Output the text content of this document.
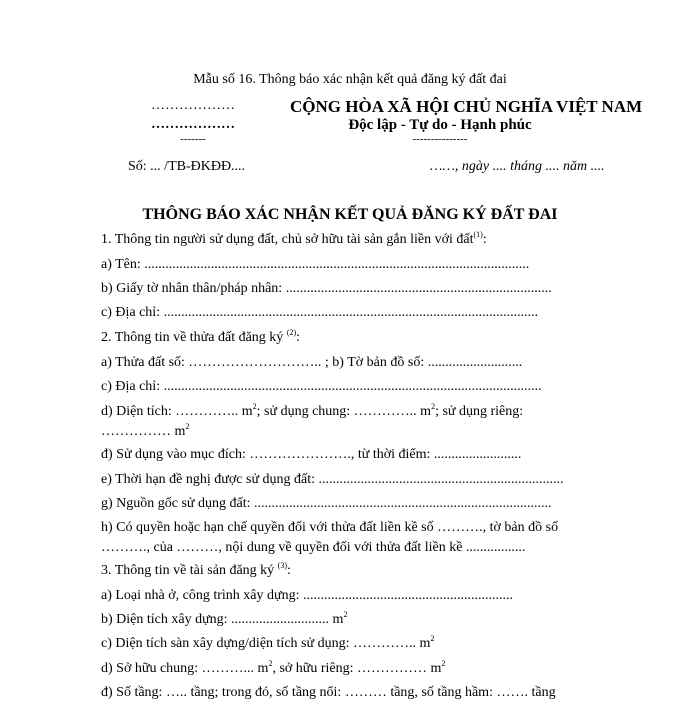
Mẫu số 16. Thông báo xác nhận kết quả đăng ký đất đai
………………
………………
-------
CỘNG HÒA XÃ HỘI CHỦ NGHĨA VIỆT NAM
Độc lập - Tự do - Hạnh phúc
---------------
Số: ... /TB-ĐKĐĐ....	……, ngày .... tháng .... năm ....
THÔNG BÁO XÁC NHẬN KẾT QUẢ ĐĂNG KÝ ĐẤT ĐAI
1. Thông tin người sử dụng đất, chủ sở hữu tài sản gắn liền với đất$^{(1)}$:
a) Tên: ..............................................................................................................
b) Giấy tờ nhân thân/pháp nhân: ............................................................................
c) Địa chỉ: ...........................................................................................................
2. Thông tin về thửa đất đăng ký $^{(2)}$:
a) Thửa đất số: ……………………….. ; b) Tờ bản đồ số: ...........................
c) Địa chỉ: ............................................................................................................
d) Diện tích: ………….. $m^2$; sử dụng chung: ………….. $m^2$; sử dụng riêng:
…………… $m^2$
đ) Sử dụng vào mục đích: …………………., từ thời điểm: .........................
e) Thời hạn đề nghị được sử dụng đất: ......................................................................
g) Nguồn gốc sử dụng đất: .....................................................................................
h) Có quyền hoặc hạn chế quyền đối với thửa đất liền kề số ………., tờ bản đồ số
………., của ………, nội dung về quyền đối với thửa đất liền kề .................
3. Thông tin về tài sản đăng ký $^{(3)}$:
a) Loại nhà ở, công trình xây dựng: ............................................................
b) Diện tích xây dựng: ............................ $m^2$
c) Diện tích sàn xây dựng/diện tích sử dụng: ………….. $m^2$
d) Sở hữu chung: ………... $m^2$, sở hữu riêng: …………… $m^2$
đ) Số tầng: ….. tầng; trong đó, số tầng nổi: ……… tầng, số tầng hầm: ……. tầng
